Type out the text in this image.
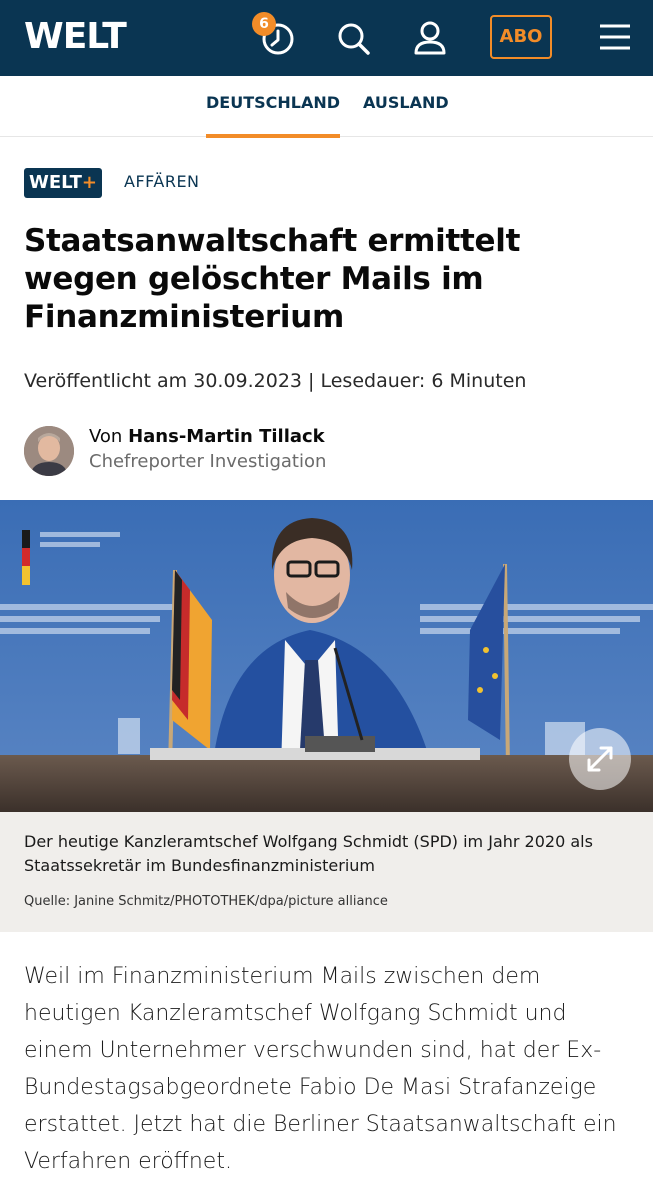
WELT	6
ABO
DEUTSCHLAND AUSLAND
WELT+	AFFÄREN
Staatsanwaltschaft ermittelt wegen gelöschter Mails im Finanzministerium
Veröffentlicht am 30.09.2023 | Lesedauer: 6 Minuten
Von Hans-Martin Tillack
Chefreporter Investigation
Der heutige Kanzleramtschef Wolfgang Schmidt (SPD) im Jahr 2020 als Staatssekretär im Bundesfinanzministerium
Quelle: Janine Schmitz/PHOTOTHEK/dpa/picture alliance

Weil im Finanzministerium Mails zwischen dem heutigen Kanzleramtschef Wolfgang Schmidt und einem Unternehmer verschwunden sind, hat der Ex-Bundestagsabgeordnete Fabio De Masi Strafanzeige erstattet. Jetzt hat die Berliner Staatsanwaltschaft ein Verfahren eröffnet.
